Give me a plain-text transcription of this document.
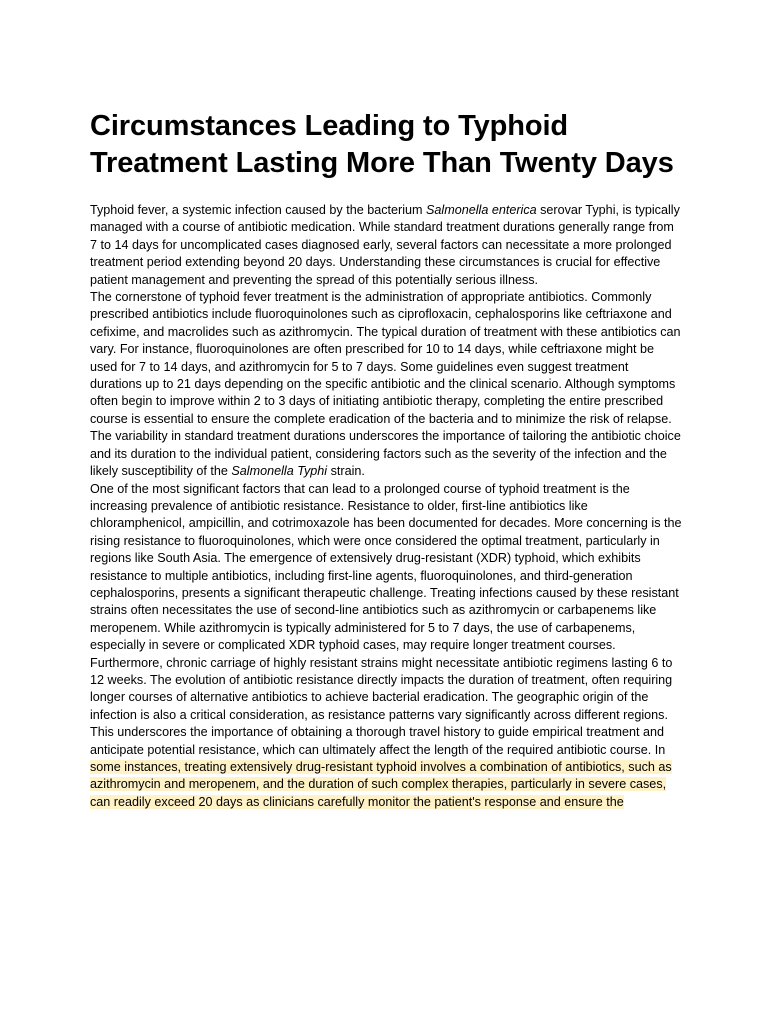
Circumstances Leading to Typhoid Treatment Lasting More Than Twenty Days

Typhoid fever, a systemic infection caused by the bacterium Salmonella enterica serovar Typhi, is typically managed with a course of antibiotic medication. While standard treatment durations generally range from 7 to 14 days for uncomplicated cases diagnosed early, several factors can necessitate a more prolonged treatment period extending beyond 20 days. Understanding these circumstances is crucial for effective patient management and preventing the spread of this potentially serious illness.

The cornerstone of typhoid fever treatment is the administration of appropriate antibiotics. Commonly prescribed antibiotics include fluoroquinolones such as ciprofloxacin, cephalosporins like ceftriaxone and cefixime, and macrolides such as azithromycin. The typical duration of treatment with these antibiotics can vary. For instance, fluoroquinolones are often prescribed for 10 to 14 days, while ceftriaxone might be used for 7 to 14 days, and azithromycin for 5 to 7 days. Some guidelines even suggest treatment durations up to 21 days depending on the specific antibiotic and the clinical scenario. Although symptoms often begin to improve within 2 to 3 days of initiating antibiotic therapy, completing the entire prescribed course is essential to ensure the complete eradication of the bacteria and to minimize the risk of relapse. The variability in standard treatment durations underscores the importance of tailoring the antibiotic choice and its duration to the individual patient, considering factors such as the severity of the infection and the likely susceptibility of the Salmonella Typhi strain.

One of the most significant factors that can lead to a prolonged course of typhoid treatment is the increasing prevalence of antibiotic resistance. Resistance to older, first-line antibiotics like chloramphenicol, ampicillin, and cotrimoxazole has been documented for decades. More concerning is the rising resistance to fluoroquinolones, which were once considered the optimal treatment, particularly in regions like South Asia. The emergence of extensively drug-resistant (XDR) typhoid, which exhibits resistance to multiple antibiotics, including first-line agents, fluoroquinolones, and third-generation cephalosporins, presents a significant therapeutic challenge. Treating infections caused by these resistant strains often necessitates the use of second-line antibiotics such as azithromycin or carbapenems like meropenem. While azithromycin is typically administered for 5 to 7 days, the use of carbapenems, especially in severe or complicated XDR typhoid cases, may require longer treatment courses. Furthermore, chronic carriage of highly resistant strains might necessitate antibiotic regimens lasting 6 to 12 weeks. The evolution of antibiotic resistance directly impacts the duration of treatment, often requiring longer courses of alternative antibiotics to achieve bacterial eradication. The geographic origin of the infection is also a critical consideration, as resistance patterns vary significantly across different regions. This underscores the importance of obtaining a thorough travel history to guide empirical treatment and anticipate potential resistance, which can ultimately affect the length of the required antibiotic course. In some instances, treating extensively drug-resistant typhoid involves a combination of antibiotics, such as azithromycin and meropenem, and the duration of such complex therapies, particularly in severe cases, can readily exceed 20 days as clinicians carefully monitor the patient's response and ensure the
